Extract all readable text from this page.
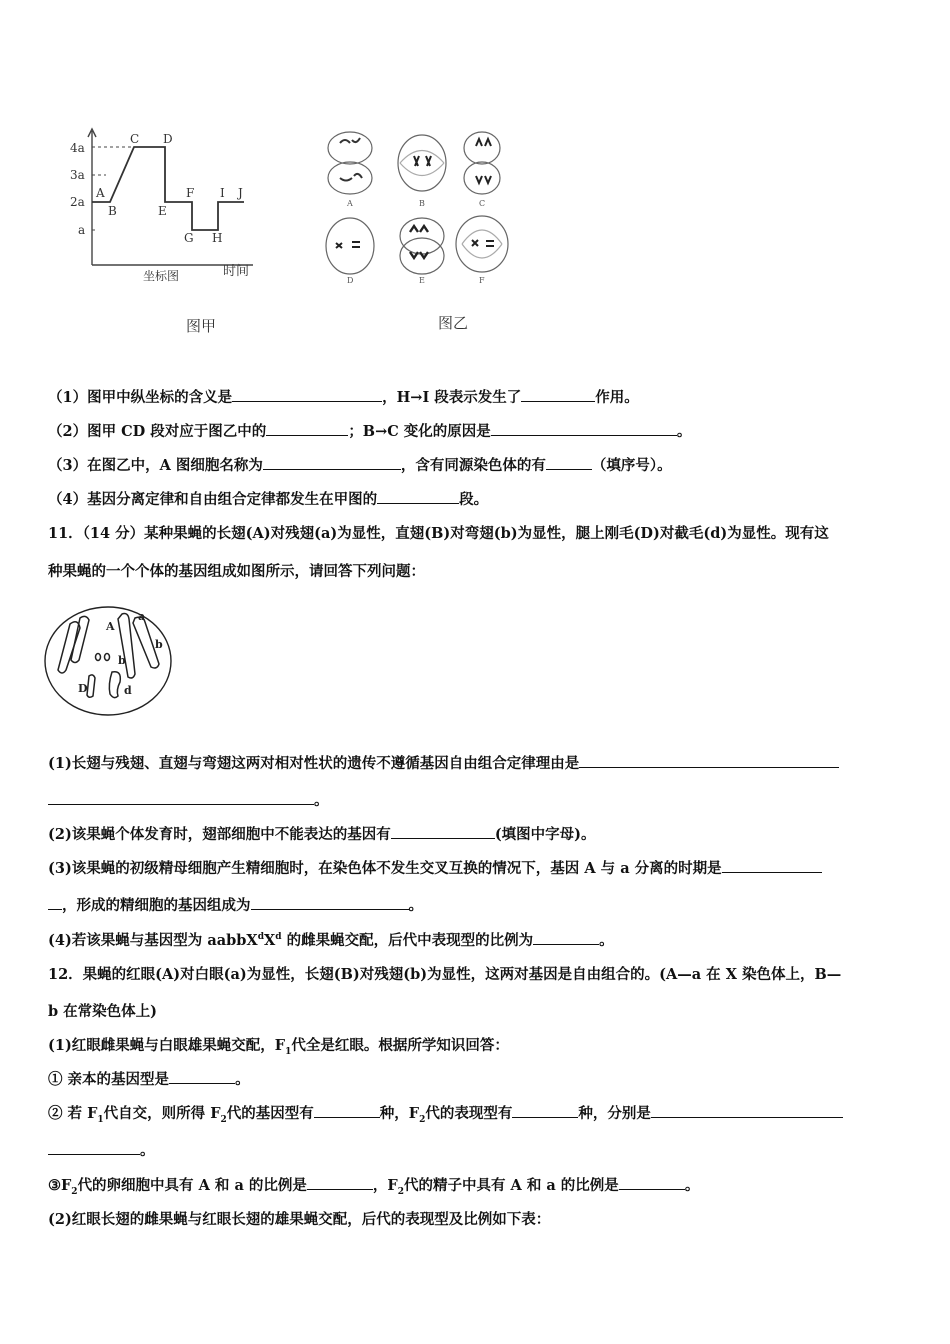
4a
3a
2a
a
A
B
C D
E
F
G H
I J
坐标图	时间
图甲
A	B	C
D	E	F
图乙
（1）图甲中纵坐标的含义是	，H→I 段表示发生了	作用。
（2）图甲 CD 段对应于图乙中的	；B→C 变化的原因是	。
（3）在图乙中，A 图细胞名称为	，含有同源染色体的有	（填序号）。
（4）基因分离定律和自由组合定律都发生在甲图的	段。
11．（14 分）某种果蝇的长翅(A)对残翅(a)为显性，直翅(B)对弯翅(b)为显性，腿上刚毛(D)对截毛(d)为显性。现有这
种果蝇的一个个体的基因组成如图所示，请回答下列问题：
A
a
b
b
D	d
(1)长翅与残翅、直翅与弯翅这两对相对性状的遗传不遵循基因自由组合定律理由是
。
(2)该果蝇个体发育时，翅部细胞中不能表达的基因有	(填图中字母)。
(3)该果蝇的初级精母细胞产生精细胞时，在染色体不发生交叉互换的情况下，基因 A 与 a 分离的时期是
，形成的精细胞的基因组成为	。
(4)若该果蝇与基因型为 $aabbX^dX^d$ 的雌果蝇交配，后代中表现型的比例为	。
12．果蝇的红眼(A)对白眼(a)为显性，长翅(B)对残翅(b)为显性，这两对基因是自由组合的。(A—a 在 X 染色体上，B—
b 在常染色体上)
(1)红眼雌果蝇与白眼雄果蝇交配，$F_1$代全是红眼。根据所学知识回答：
① 亲本的基因型是	。
② 若 $F_1$代自交，则所得 $F_2$代的基因型有	种，$F_2$代的表现型有	种，分别是
。
$③F_2$代的卵细胞中具有 A 和 a 的比例是	，$F_2$代的精子中具有 A 和 a 的比例是	。
(2)红眼长翅的雌果蝇与红眼长翅的雄果蝇交配，后代的表现型及比例如下表：
